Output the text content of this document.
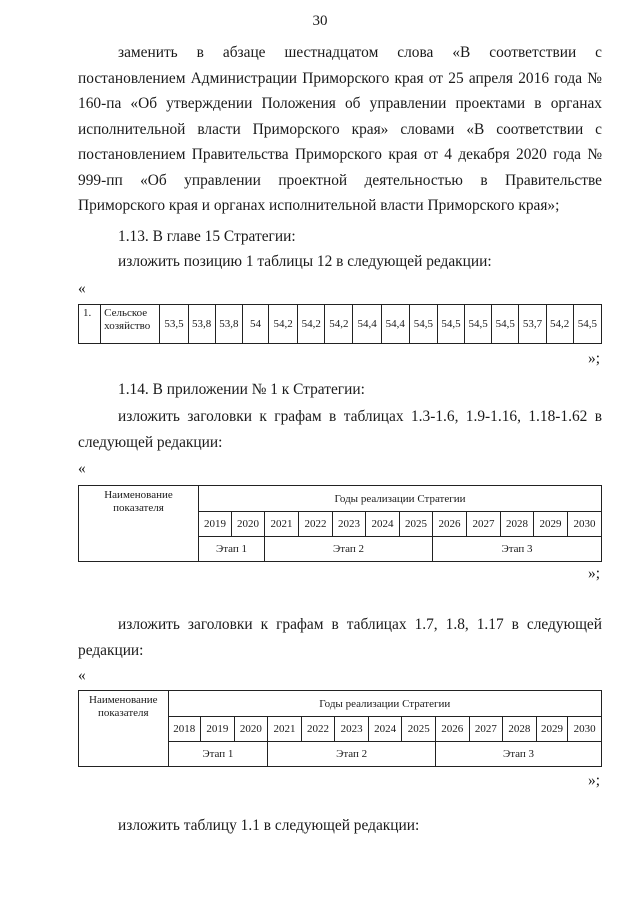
30

заменить в абзаце шестнадцатом слова «В соответствии с постановлением Администрации Приморского края от 25 апреля 2016 года № 160-па «Об утверждении Положения об управлении проектами в органах исполнительной власти Приморского края» словами «В соответствии с постановлением Правительства Приморского края от 4 декабря 2020 года № 999-пп «Об управлении проектной деятельностью в Правительстве Приморского края и органах исполнительной власти Приморского края»;

1.13. В главе 15 Стратегии:
изложить позицию 1 таблицы 12 в следующей редакции:
«
1.	Сельское хозяйство	53,5	53,8	53,8	54	54,2	54,2	54,2	54,4	54,4	54,5	54,5	54,5	54,5	53,7	54,2	54,5
»;
1.14. В приложении № 1 к Стратегии:

изложить заголовки к графам в таблицах 1.3-1.6, 1.9-1.16, 1.18-1.62 в следующей редакции:

«
Наименование показателя	Годы реализации Стратегии											
	2019	2020	2021	2022	2023	2024	2025	2026	2027	2028	2029	2030
	Этап 1		Этап 2					Этап 3				
»;

изложить заголовки к графам в таблицах 1.7, 1.8, 1.17 в следующей редакции:

«
Наименование показателя	Годы реализации Стратегии												
	2018	2019	2020	2021	2022	2023	2024	2025	2026	2027	2028	2029	2030
	Этап 1			Этап 2					Этап 3				
»;
изложить таблицу 1.1 в следующей редакции:
